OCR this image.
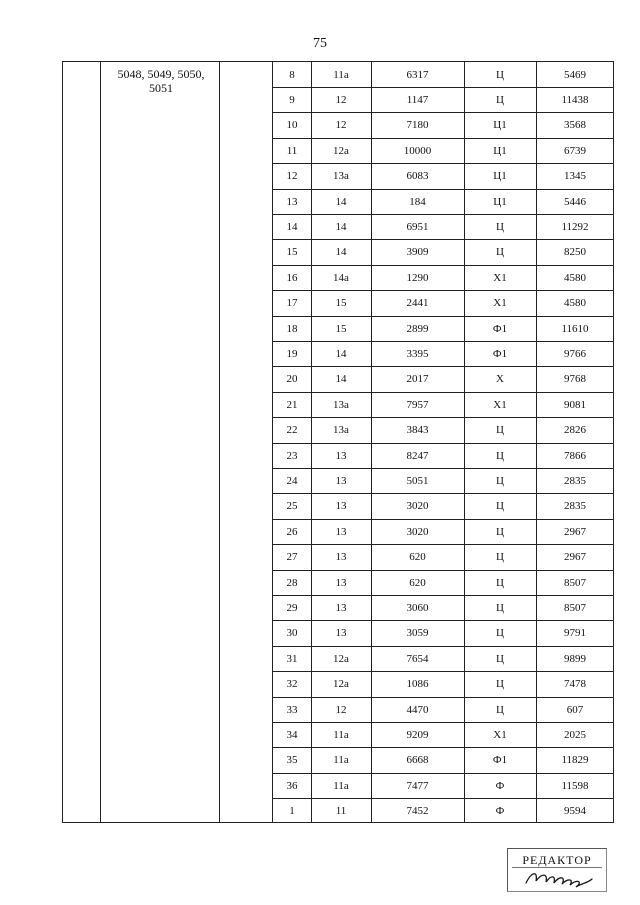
75
5048, 5049, 5050,
5051
8	11а	6317	Ц	5469
9	12	1147	Ц	11438
10	12	7180	Ц1	3568
11	12а	10000	Ц1	6739
12	13а	6083	Ц1	1345
13	14	184	Ц1	5446
14	14	6951	Ц	11292
15	14	3909	Ц	8250
16	14а	1290	Х1	4580
17	15	2441	Х1	4580
18	15	2899	Ф1	11610
19	14	3395	Ф1	9766
20	14	2017	Х	9768
21	13а	7957	Х1	9081
22	13а	3843	Ц	2826
23	13	8247	Ц	7866
24	13	5051	Ц	2835
25	13	3020	Ц	2835
26	13	3020	Ц	2967
27	13	620	Ц	2967
28	13	620	Ц	8507
29	13	3060	Ц	8507
30	13	3059	Ц	9791
31	12а	7654	Ц	9899
32	12а	1086	Ц	7478
33	12	4470	Ц	607
34	11а	9209	Х1	2025
35	11а	6668	Ф1	11829
36	11а	7477	Ф	11598
1	11	7452	Ф	9594
РЕДАКТОР
